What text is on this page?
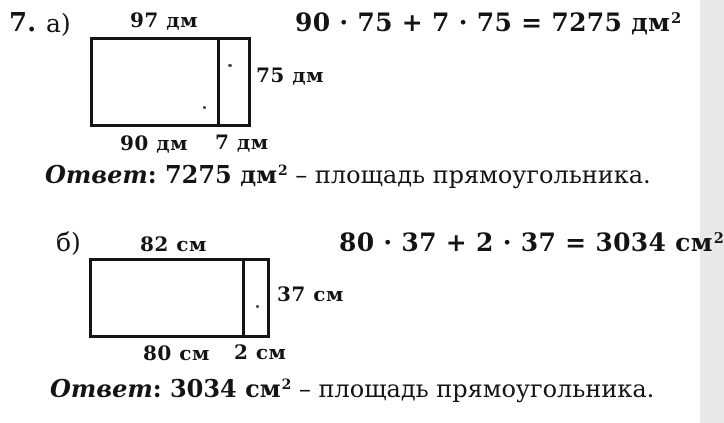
7. а)	97 дм
75 дм
90 дм 7 дм
90 · 75 + 7 · 75 = 7275 $дм^2$
Ответ: 7275 $дм^2$ – площадь прямоугольника.
б)	82 см
37 см
80 см 2 см
80 · 37 + 2 · 37 = 3034 $см^2$
Ответ: 3034 $см^2$ – площадь прямоугольника.
